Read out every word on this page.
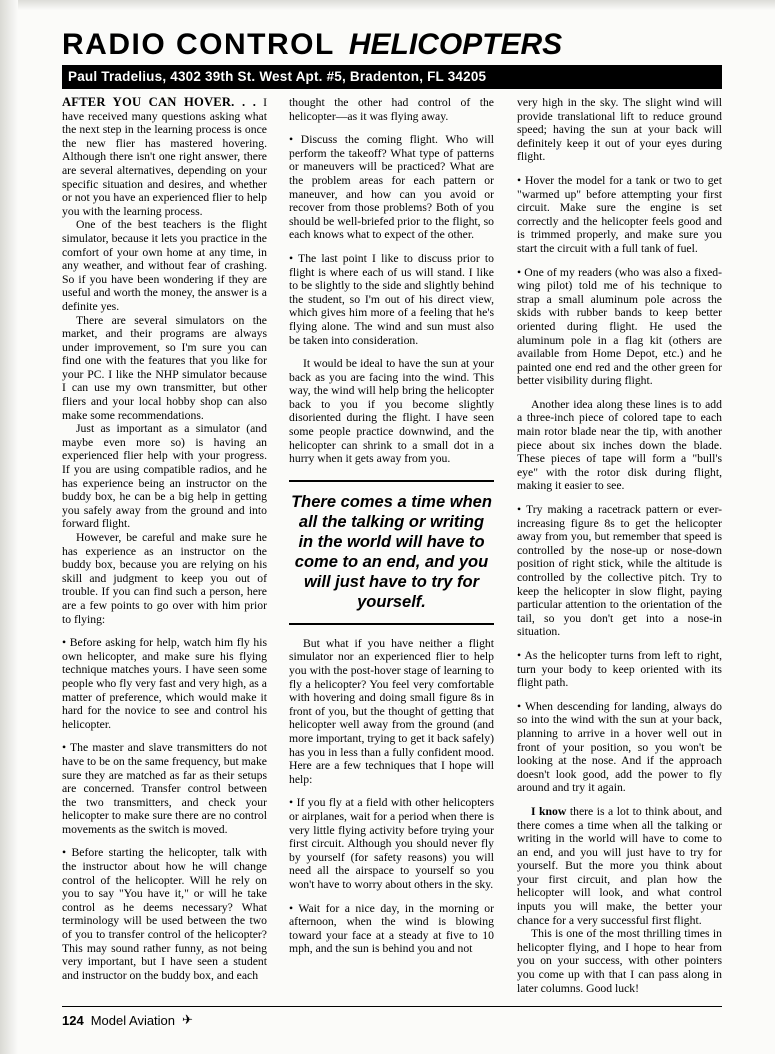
RADIO CONTROL HELICOPTERS
Paul Tradelius, 4302 39th St. West Apt. #5, Bradenton, FL 34205

AFTER YOU CAN HOVER. . . I have received many questions asking what the next step in the learning process is once the new flier has mastered hovering. Although there isn't one right answer, there are several alternatives, depending on your specific situation and desires, and whether or not you have an experienced flier to help you with the learning process.

One of the best teachers is the flight simulator, because it lets you practice in the comfort of your own home at any time, in any weather, and without fear of crashing. So if you have been wondering if they are useful and worth the money, the answer is a definite yes.

There are several simulators on the market, and their programs are always under improvement, so I'm sure you can find one with the features that you like for your PC. I like the NHP simulator because I can use my own transmitter, but other fliers and your local hobby shop can also make some recommendations.

Just as important as a simulator (and maybe even more so) is having an experienced flier help with your progress. If you are using compatible radios, and he has experience being an instructor on the buddy box, he can be a big help in getting you safely away from the ground and into forward flight.

However, be careful and make sure he has experience as an instructor on the buddy box, because you are relying on his skill and judgment to keep you out of trouble. If you can find such a person, here are a few points to go over with him prior to flying:

• Before asking for help, watch him fly his own helicopter, and make sure his flying technique matches yours. I have seen some people who fly very fast and very high, as a matter of preference, which would make it hard for the novice to see and control his helicopter.

• The master and slave transmitters do not have to be on the same frequency, but make sure they are matched as far as their setups are concerned. Transfer control between the two transmitters, and check your helicopter to make sure there are no control movements as the switch is moved.

• Before starting the helicopter, talk with the instructor about how he will change control of the helicopter. Will he rely on you to say "You have it," or will he take control as he deems necessary? What terminology will be used between the two of you to transfer control of the helicopter? This may sound rather funny, as not being very important, but I have seen a student and instructor on the buddy box, and each

thought the other had control of the helicopter—as it was flying away.

• Discuss the coming flight. Who will perform the takeoff? What type of patterns or maneuvers will be practiced? What are the problem areas for each pattern or maneuver, and how can you avoid or recover from those problems? Both of you should be well-briefed prior to the flight, so each knows what to expect of the other.

• The last point I like to discuss prior to flight is where each of us will stand. I like to be slightly to the side and slightly behind the student, so I'm out of his direct view, which gives him more of a feeling that he's flying alone. The wind and sun must also be taken into consideration.

It would be ideal to have the sun at your back as you are facing into the wind. This way, the wind will help bring the helicopter back to you if you become slightly disoriented during the flight. I have seen some people practice downwind, and the helicopter can shrink to a small dot in a hurry when it gets away from you.

There comes a time when all the talking or writing in the world will have to come to an end, and you will just have to try for yourself.

But what if you have neither a flight simulator nor an experienced flier to help you with the post-hover stage of learning to fly a helicopter? You feel very comfortable with hovering and doing small figure 8s in front of you, but the thought of getting that helicopter well away from the ground (and more important, trying to get it back safely) has you in less than a fully confident mood. Here are a few techniques that I hope will help:

• If you fly at a field with other helicopters or airplanes, wait for a period when there is very little flying activity before trying your first circuit. Although you should never fly by yourself (for safety reasons) you will need all the airspace to yourself so you won't have to worry about others in the sky.

• Wait for a nice day, in the morning or afternoon, when the wind is blowing toward your face at a steady at five to 10 mph, and the sun is behind you and not

very high in the sky. The slight wind will provide translational lift to reduce ground speed; having the sun at your back will definitely keep it out of your eyes during flight.

• Hover the model for a tank or two to get "warmed up" before attempting your first circuit. Make sure the engine is set correctly and the helicopter feels good and is trimmed properly, and make sure you start the circuit with a full tank of fuel.

• One of my readers (who was also a fixed-wing pilot) told me of his technique to strap a small aluminum pole across the skids with rubber bands to keep better oriented during flight. He used the aluminum pole in a flag kit (others are available from Home Depot, etc.) and he painted one end red and the other green for better visibility during flight.

Another idea along these lines is to add a three-inch piece of colored tape to each main rotor blade near the tip, with another piece about six inches down the blade. These pieces of tape will form a "bull's eye" with the rotor disk during flight, making it easier to see.

• Try making a racetrack pattern or ever-increasing figure 8s to get the helicopter away from you, but remember that speed is controlled by the nose-up or nose-down position of right stick, while the altitude is controlled by the collective pitch. Try to keep the helicopter in slow flight, paying particular attention to the orientation of the tail, so you don't get into a nose-in situation.

• As the helicopter turns from left to right, turn your body to keep oriented with its flight path.

• When descending for landing, always do so into the wind with the sun at your back, planning to arrive in a hover well out in front of your position, so you won't be looking at the nose. And if the approach doesn't look good, add the power to fly around and try it again.

I know there is a lot to think about, and there comes a time when all the talking or writing in the world will have to come to an end, and you will just have to try for yourself. But the more you think about your first circuit, and plan how the helicopter will look, and what control inputs you will make, the better your chance for a very successful first flight.

This is one of the most thrilling times in helicopter flying, and I hope to hear from you on your success, with other pointers you come up with that I can pass along in later columns. Good luck!

124 Model Aviation ✈
